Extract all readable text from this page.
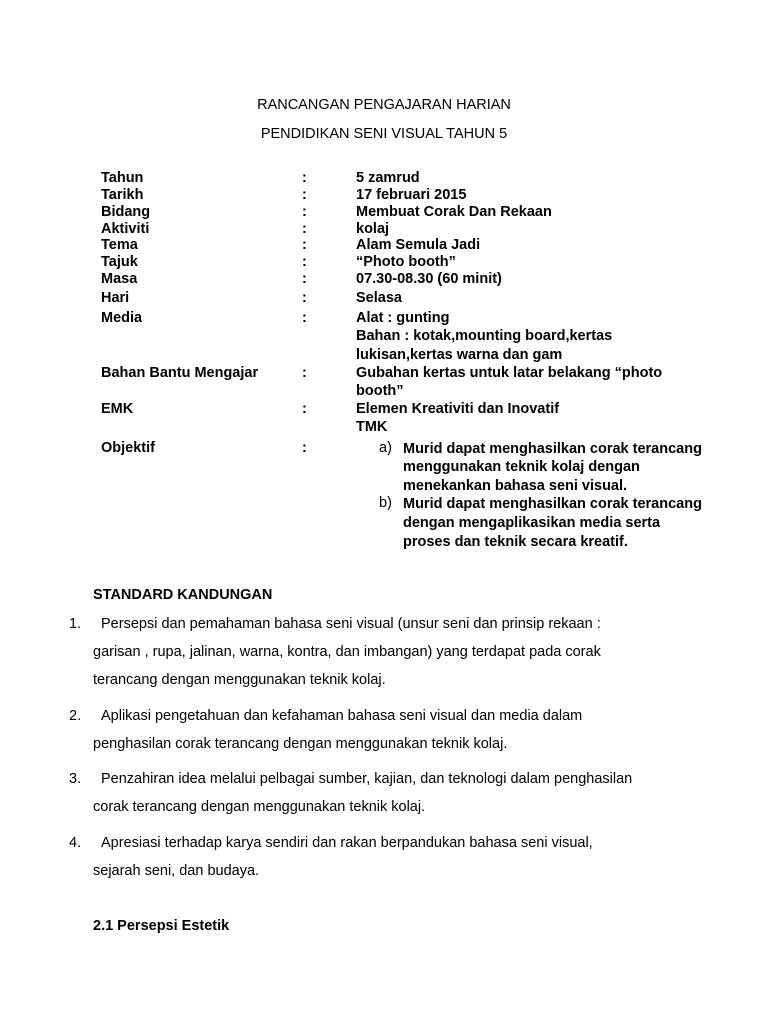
RANCANGAN PENGAJARAN HARIAN
PENDIDIKAN SENI VISUAL TAHUN 5
Tahun	:	5 zamrud
Tarikh	:	17 februari 2015
Bidang	:	Membuat Corak Dan Rekaan
Aktiviti	:	kolaj
Tema	:	Alam Semula Jadi
Tajuk	:	“Photo booth”
Masa	:	07.30-08.30 (60 minit)
Hari	:	Selasa
Media	:	Alat : gunting
Bahan : kotak,mounting board,kertas
lukisan,kertas warna dan gam
Bahan Bantu Mengajar	:	Gubahan kertas untuk latar belakang “photo
booth”
EMK	:	Elemen Kreativiti dan Inovatif
TMK
Objektif	:	a) Murid dapat menghasilkan corak terancang
menggunakan teknik kolaj dengan
menekankan bahasa seni visual.
b) Murid dapat menghasilkan corak terancang
dengan mengaplikasikan media serta
proses dan teknik secara kreatif.
STANDARD KANDUNGAN
1. Persepsi dan pemahaman bahasa seni visual (unsur seni dan prinsip rekaan :
garisan , rupa, jalinan, warna, kontra, dan imbangan) yang terdapat pada corak
terancang dengan menggunakan teknik kolaj.
2. Aplikasi pengetahuan dan kefahaman bahasa seni visual dan media dalam
penghasilan corak terancang dengan menggunakan teknik kolaj.
3. Penzahiran idea melalui pelbagai sumber, kajian, dan teknologi dalam penghasilan
corak terancang dengan menggunakan teknik kolaj.
4. Apresiasi terhadap karya sendiri dan rakan berpandukan bahasa seni visual,
sejarah seni, dan budaya.
2.1 Persepsi Estetik
